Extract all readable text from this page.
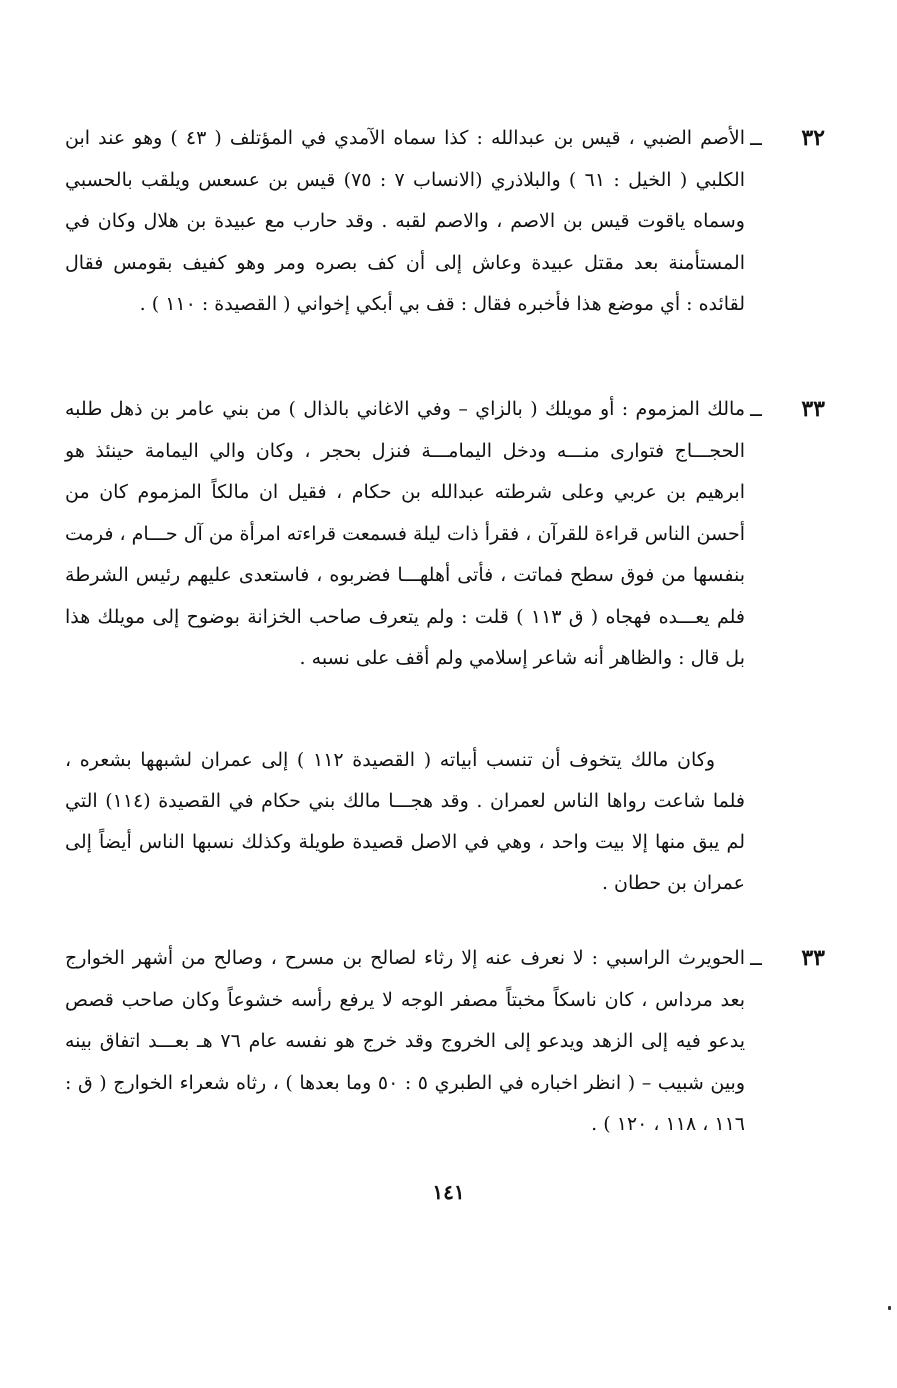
٣٢
ــ

الأصم الضبي ، قيس بن عبدالله : كذا سماه الآمدي في المؤتلف ( ٤٣ ) وهو عند ابن الكلبي ( الخيل : ٦١ ) والبلاذري (الانساب ٧ : ٧٥) قيس بن عسعس ويلقب بالحسبي وسماه ياقوت قيس بن الاصم ، والاصم لقبه . وقد حارب مع عبيدة بن هلال وكان في المستأمنة بعد مقتل عبيدة وعاش إلى أن كف بصره ومر وهو كفيف بقومس فقال لقائده : أي موضع هذا فأخبره فقال : قف بي أبكي إخواني ( القصيدة : ١١٠ ) .

٣٣
ــ

مالك المزموم : أو مويلك ( بالزاي – وفي الاغاني بالذال ) من بني عامر بن ذهل طلبه الحجـــاج فتوارى منـــه ودخل اليمامـــة فنزل بحجر ، وكان والي اليمامة حينئذ هو ابرهيم بن عربي وعلى شرطته عبدالله بن حكام ، فقيل ان مالكاً المزموم كان من أحسن الناس قراءة للقرآن ، فقرأ ذات ليلة فسمعت قراءته امرأة من آل حـــام ، فرمت بنفسها من فوق سطح فماتت ، فأتى أهلهـــا فضربوه ، فاستعدى عليهم رئيس الشرطة فلم يعـــده فهجاه ( ق ١١٣ ) قلت : ولم يتعرف صاحب الخزانة بوضوح إلى مويلك هذا بل قال : والظاهر أنه شاعر إسلامي ولم أقف على نسبه .

وكان مالك يتخوف أن تنسب أبياته ( القصيدة ١١٢ ) إلى عمران لشبهها بشعره ، فلما شاعت رواها الناس لعمران . وقد هجـــا مالك بني حكام في القصيدة (١١٤) التي لم يبق منها إلا بيت واحد ، وهي في الاصل قصيدة طويلة وكذلك نسبها الناس أيضاً إلى عمران بن حطان .

٣٣
ــ

الحويرث الراسبي : لا نعرف عنه إلا رثاء لصالح بن مسرح ، وصالح من أشهر الخوارج بعد مرداس ، كان ناسكاً مخبتاً مصفر الوجه لا يرفع رأسه خشوعاً وكان صاحب قصص يدعو فيه إلى الزهد ويدعو إلى الخروج وقد خرج هو نفسه عام ٧٦ هـ بعـــد اتفاق بينه وبين شبيب – ( انظر اخباره في الطبري ٥ : ٥٠ وما بعدها ) ، رثاه شعراء الخوارج ( ق : ١١٦ ، ١١٨ ، ١٢٠ ) .

١٤١
